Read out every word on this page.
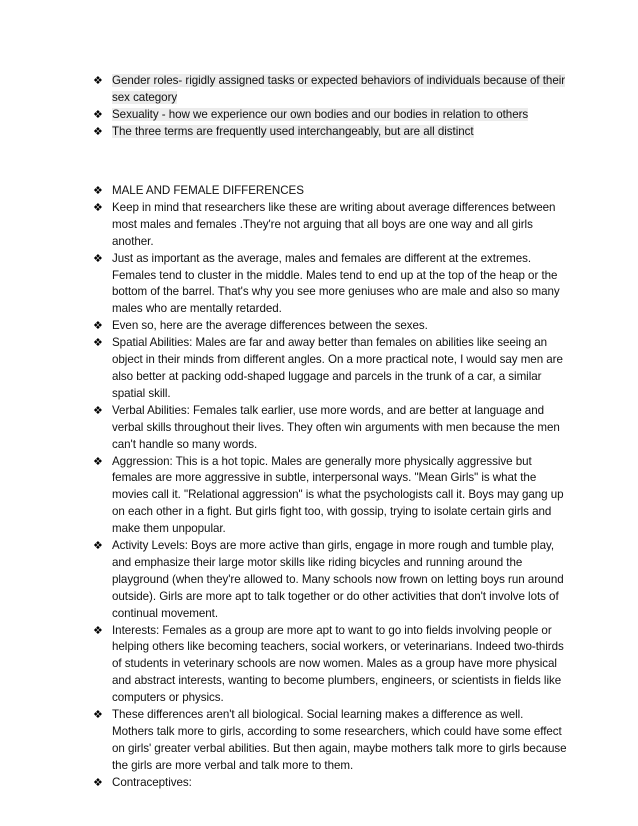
❖ Gender roles- rigidly assigned tasks or expected behaviors of individuals because of their sex category
❖ Sexuality - how we experience our own bodies and our bodies in relation to others
❖ The three terms are frequently used interchangeably, but are all distinct
❖ MALE AND FEMALE DIFFERENCES
❖ Keep in mind that researchers like these are writing about average differences between most males and females .They're not arguing that all boys are one way and all girls another.
❖ Just as important as the average, males and females are different at the extremes. Females tend to cluster in the middle. Males tend to end up at the top of the heap or the bottom of the barrel. That's why you see more geniuses who are male and also so many males who are mentally retarded.
❖ Even so, here are the average differences between the sexes.
❖ Spatial Abilities: Males are far and away better than females on abilities like seeing an object in their minds from different angles. On a more practical note, I would say men are also better at packing odd-shaped luggage and parcels in the trunk of a car, a similar spatial skill.
❖ Verbal Abilities: Females talk earlier, use more words, and are better at language and verbal skills throughout their lives. They often win arguments with men because the men can't handle so many words.
❖ Aggression: This is a hot topic. Males are generally more physically aggressive but females are more aggressive in subtle, interpersonal ways. "Mean Girls" is what the movies call it. "Relational aggression" is what the psychologists call it. Boys may gang up on each other in a fight. But girls fight too, with gossip, trying to isolate certain girls and make them unpopular.
❖ Activity Levels: Boys are more active than girls, engage in more rough and tumble play, and emphasize their large motor skills like riding bicycles and running around the playground (when they're allowed to. Many schools now frown on letting boys run around outside). Girls are more apt to talk together or do other activities that don't involve lots of continual movement.
❖ Interests: Females as a group are more apt to want to go into fields involving people or helping others like becoming teachers, social workers, or veterinarians. Indeed two-thirds of students in veterinary schools are now women. Males as a group have more physical and abstract interests, wanting to become plumbers, engineers, or scientists in fields like computers or physics.
❖ These differences aren't all biological. Social learning makes a difference as well. Mothers talk more to girls, according to some researchers, which could have some effect on girls' greater verbal abilities. But then again, maybe mothers talk more to girls because the girls are more verbal and talk more to them.
❖ Contraceptives:
